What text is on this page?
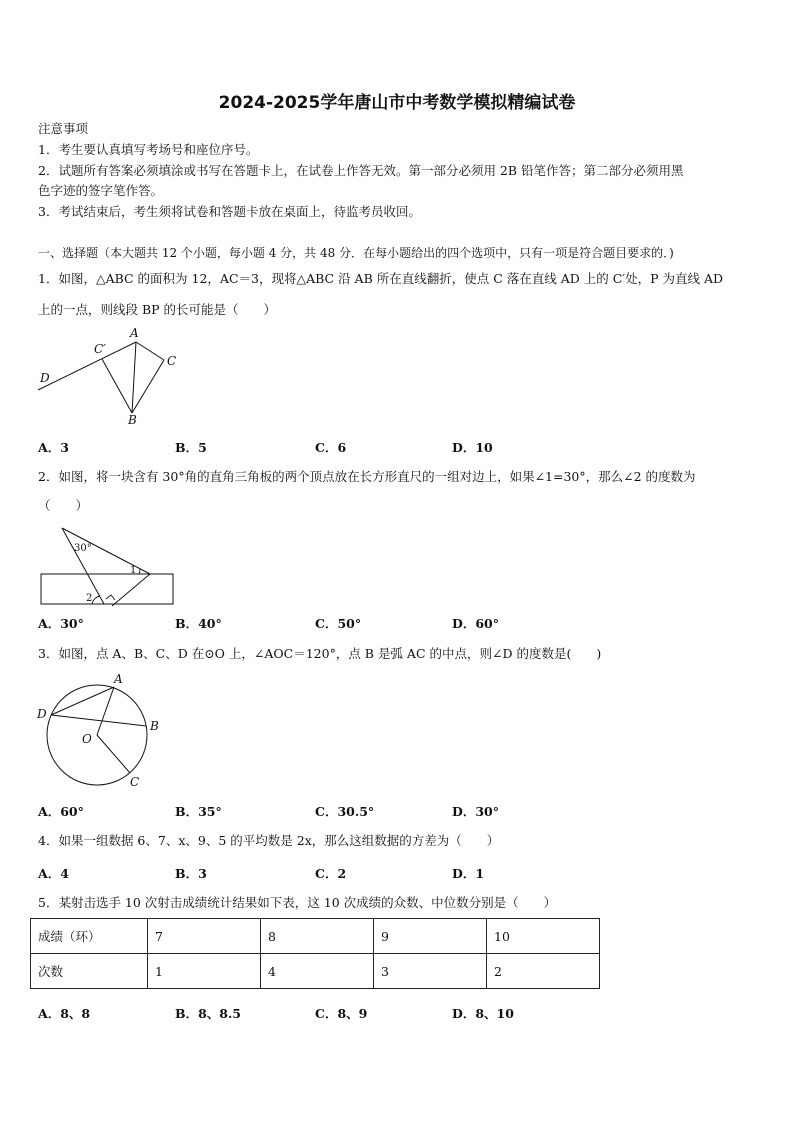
2024-2025学年唐山市中考数学模拟精编试卷
注意事项
1．考生要认真填写考场号和座位序号。
2．试题所有答案必须填涂或书写在答题卡上，在试卷上作答无效。第一部分必须用 2B 铅笔作答；第二部分必须用黑
色字迹的签字笔作答。
3．考试结束后，考生须将试卷和答题卡放在桌面上，待监考员收回。
一、选择题（本大题共 12 个小题，每小题 4 分，共 48 分．在每小题给出的四个选项中，只有一项是符合题目要求的．)
1．如图，△ABC 的面积为 12，AC＝3，现将△ABC 沿 AB 所在直线翻折，使点 C 落在直线 AD 上的 C′处，P 为直线 AD
上的一点，则线段 BP 的长可能是（　　）
A
C′
C
D
B
A．3	B．5	C．6	D．10
2．如图，将一块含有 30°角的直角三角板的两个顶点放在长方形直尺的一组对边上，如果∠1=30°，那么∠2 的度数为
（　　）
30°
1
2
A．30°	B．40°	C．50°	D．60°
3．如图，点 A、B、C、D 在⊙O 上，∠AOC＝120°，点 B 是弧 AC 的中点，则∠D 的度数是(　　)
A
D
B
O
C
A．60°	B．35°	C．30.5°	D．30°
4．如果一组数据 6、7、x、9、5 的平均数是 2x，那么这组数据的方差为（　　）
A．4	B．3	C．2	D．1
5．某射击选手 10 次射击成绩统计结果如下表，这 10 次成绩的众数、中位数分别是（　　）
成绩（环）	7	8	9	10
次数	1	4	3	2
A．8、8	B．8、8.5	C．8、9	D．8、10
